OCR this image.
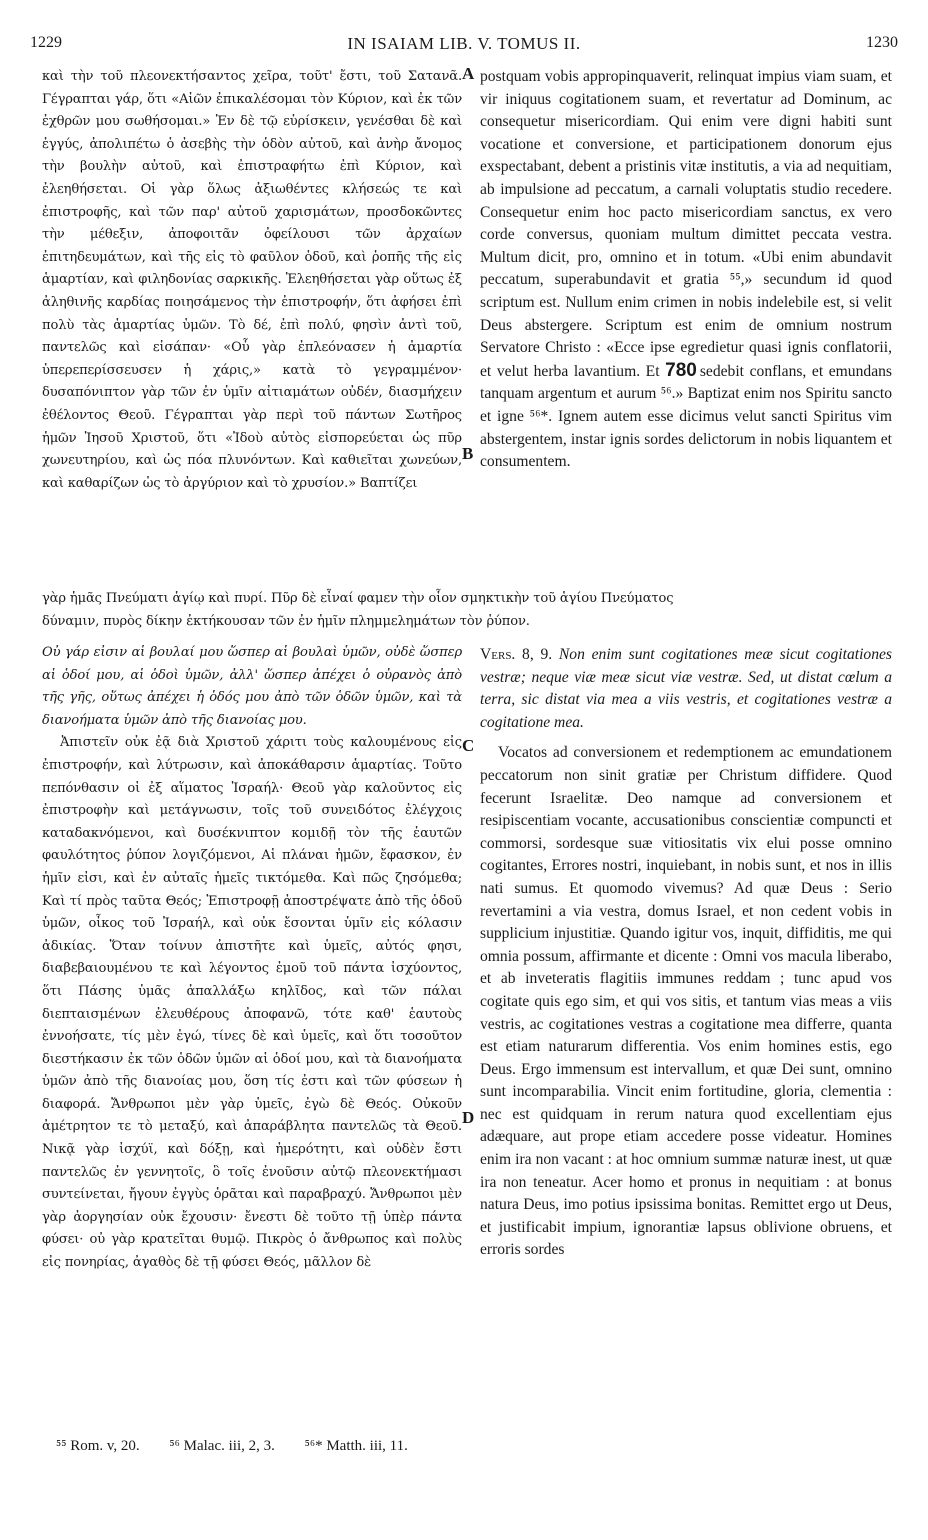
1229	IN ISAIAM LIB. V. TOMUS II.	1230

καὶ τὴν τοῦ πλεονεκτήσαντος χεῖρα, τοῦτ' ἔστι, τοῦ Σατανᾶ. Γέγραπται γάρ, ὅτι «Αἰῶν ἐπικαλέσομαι τὸν Κύριον, καὶ ἐκ τῶν ἐχθρῶν μου σωθήσομαι.» Ἐν δὲ τῷ εὑρίσκειν, γενέσθαι δὲ καὶ ἐγγύς, ἀπολιπέτω ὁ ἀσεβὴς τὴν ὁδὸν αὐτοῦ, καὶ ἀνὴρ ἄνομος τὴν βουλὴν αὐτοῦ, καὶ ἐπιστραφήτω ἐπὶ Κύριον, καὶ ἐλεηθήσεται. Οἱ γὰρ ὅλως ἀξιωθέντες κλήσεώς τε καὶ ἐπιστροφῆς, καὶ τῶν παρ' αὐτοῦ χαρισμάτων, προσδοκῶντες τὴν μέθεξιν, ἀποφοιτᾶν ὀφείλουσι τῶν ἀρχαίων ἐπιτηδευμάτων, καὶ τῆς εἰς τὸ φαῦλον ὁδοῦ, καὶ ῥοπῆς τῆς εἰς ἁμαρτίαν, καὶ φιληδονίας σαρκικῆς. Ἐλεηθήσεται γὰρ οὕτως ἐξ ἀληθινῆς καρδίας ποιησάμενος τὴν ἐπιστροφήν, ὅτι ἀφήσει ἐπὶ πολὺ τὰς ἁμαρτίας ὑμῶν. Τὸ δέ, ἐπὶ πολύ, φησὶν ἀντὶ τοῦ, παντελῶς καὶ εἰσάπαν· «Οὗ γὰρ ἐπλεόνασεν ἡ ἁμαρτία ὑπερεπερίσσευσεν ἡ χάρις,» κατὰ τὸ γεγραμμένον· δυσαπόνιπτον γὰρ τῶν ἐν ὑμῖν αἰτιαμάτων οὐδέν, διασμήχειν ἐθέλοντος Θεοῦ. Γέγραπται γὰρ περὶ τοῦ πάντων Σωτῆρος ἡμῶν Ἰησοῦ Χριστοῦ, ὅτι «Ἰδοὺ αὐτὸς εἰσπορεύεται ὡς πῦρ χωνευτηρίου, καὶ ὡς πόα πλυνόντων. Καὶ καθιεῖται χωνεύων, καὶ καθαρίζων ὡς τὸ ἀργύριον καὶ τὸ χρυσίον.» Βαπτίζει

γὰρ ἡμᾶς Πνεύματι ἁγίῳ καὶ πυρί. Πῦρ δὲ εἶναί φαμεν τὴν οἷον σμηκτικὴν τοῦ ἁγίου Πνεύματος
δύναμιν, πυρὸς δίκην ἐκτήκουσαν τῶν ἐν ἡμῖν πλημμελημάτων τὸν ῥύπον.

Οὐ γάρ εἰσιν αἱ βουλαί μου ὥσπερ αἱ βουλαὶ ὑμῶν, οὐδὲ ὥσπερ αἱ ὁδοί μου, αἱ ὁδοὶ ὑμῶν, ἀλλ' ὥσπερ ἀπέχει ὁ οὐρανὸς ἀπὸ τῆς γῆς, οὕτως ἀπέχει ἡ ὁδός μου ἀπὸ τῶν ὁδῶν ὑμῶν, καὶ τὰ διανοήματα ὑμῶν ἀπὸ τῆς διανοίας μου.

Ἀπιστεῖν οὐκ ἐᾷ διὰ Χριστοῦ χάριτι τοὺς καλουμένους εἰς ἐπιστροφήν, καὶ λύτρωσιν, καὶ ἀποκάθαρσιν ἁμαρτίας. Τοῦτο πεπόνθασιν οἱ ἐξ αἵματος Ἰσραήλ· Θεοῦ γὰρ καλοῦντος εἰς ἐπιστροφὴν καὶ μετάγνωσιν, τοῖς τοῦ συνειδότος ἐλέγχοις καταδακνόμενοι, καὶ δυσέκνιπτον κομιδῇ τὸν τῆς ἑαυτῶν φαυλότητος ῥύπον λογιζόμενοι, Αἱ πλάναι ἡμῶν, ἔφασκον, ἐν ἡμῖν εἰσι, καὶ ἐν αὐταῖς ἡμεῖς τικτόμεθα. Καὶ πῶς ζησόμεθα; Καὶ τί πρὸς ταῦτα Θεός; Ἐπιστροφῇ ἀποστρέψατε ἀπὸ τῆς ὁδοῦ ὑμῶν, οἶκος τοῦ Ἰσραήλ, καὶ οὐκ ἔσονται ὑμῖν εἰς κόλασιν ἀδικίας. Ὅταν τοίνυν ἀπιστῆτε καὶ ὑμεῖς, αὐτός φησι, διαβεβαιουμένου τε καὶ λέγοντος ἐμοῦ τοῦ πάντα ἰσχύοντος, ὅτι Πάσης ὑμᾶς ἀπαλλάξω κηλῖδος, καὶ τῶν πάλαι διεπταισμένων ἐλευθέρους ἀποφανῶ, τότε καθ' ἑαυτοὺς ἐννοήσατε, τίς μὲν ἐγώ, τίνες δὲ καὶ ὑμεῖς, καὶ ὅτι τοσοῦτον διεστήκασιν ἐκ τῶν ὁδῶν ὑμῶν αἱ ὁδοί μου, καὶ τὰ διανοήματα ὑμῶν ἀπὸ τῆς διανοίας μου, ὅση τίς ἐστι καὶ τῶν φύσεων ἡ διαφορά. Ἄνθρωποι μὲν γὰρ ὑμεῖς, ἐγὼ δὲ Θεός. Οὐκοῦν ἀμέτρητον τε τὸ μεταξύ, καὶ ἀπαράβλητα παντελῶς τὰ Θεοῦ. Νικᾷ γὰρ ἰσχύϊ, καὶ δόξῃ, καὶ ἡμερότητι, καὶ οὐδὲν ἔστι παντελῶς ἐν γεννητοῖς, ὃ τοῖς ἐνοῦσιν αὐτῷ πλεονεκτήμασι συντείνεται, ἤγουν ἐγγὺς ὁρᾶται καὶ παραβραχύ. Ἄνθρωποι μὲν γὰρ ἀοργησίαν οὐκ ἔχουσιν· ἔνεστι δὲ τοῦτο τῇ ὑπὲρ πάντα φύσει· οὐ γὰρ κρατεῖται θυμῷ. Πικρὸς ὁ ἄνθρωπος καὶ πολὺς εἰς πονηρίας, ἀγαθὸς δὲ τῇ φύσει Θεός, μᾶλλον δὲ

postquam vobis appropinquaverit, relinquat impius viam suam, et vir iniquus cogitationem suam, et revertatur ad Dominum, ac consequetur misericordiam. Qui enim vere digni habiti sunt vocatione et conversione, et participationem donorum ejus exspectabant, debent a pristinis vitæ institutis, a via ad nequitiam, ab impulsione ad peccatum, a carnali voluptatis studio recedere. Consequetur enim hoc pacto misericordiam sanctus, ex vero corde conversus, quoniam multum dimittet peccata vestra. Multum dicit, pro, omnino et in totum. «Ubi enim abundavit peccatum, superabundavit et gratia ⁵⁵,» secundum id quod scriptum est. Nullum enim crimen in nobis indelebile est, si velit Deus abstergere. Scriptum est enim de omnium nostrum Servatore Christo : «Ecce ipse egredietur quasi ignis conflatorii, et velut herba lavantium. Et 780 sedebit conflans, et emundans tanquam argentum et aurum ⁵⁶.» Baptizat enim nos Spiritu sancto et igne ⁵⁶*. Ignem autem esse dicimus velut sancti Spiritus vim abstergentem, instar ignis sordes delictorum in nobis liquantem et consumentem.

Vers. 8, 9. Non enim sunt cogitationes meæ sicut cogitationes vestræ; neque viæ meæ sicut viæ vestræ. Sed, ut distat cœlum a terra, sic distat via mea a viis vestris, et cogitationes vestræ a cogitatione mea.

Vocatos ad conversionem et redemptionem ac emundationem peccatorum non sinit gratiæ per Christum diffidere. Quod fecerunt Israelitæ. Deo namque ad conversionem et resipiscentiam vocante, accusationibus conscientiæ compuncti et commorsi, sordesque suæ vitiositatis vix elui posse omnino cogitantes, Errores nostri, inquiebant, in nobis sunt, et nos in illis nati sumus. Et quomodo vivemus? Ad quæ Deus : Serio revertamini a via vestra, domus Israel, et non cedent vobis in supplicium injustitiæ. Quando igitur vos, inquit, diffiditis, me qui omnia possum, affirmante et dicente : Omni vos macula liberabo, et ab inveteratis flagitiis immunes reddam ; tunc apud vos cogitate quis ego sim, et qui vos sitis, et tantum vias meas a viis vestris, ac cogitationes vestras a cogitatione mea differre, quanta est etiam naturarum differentia. Vos enim homines estis, ego Deus. Ergo immensum est intervallum, et quæ Dei sunt, omnino sunt incomparabilia. Vincit enim fortitudine, gloria, clementia : nec est quidquam in rerum natura quod excellentiam ejus adæquare, aut prope etiam accedere posse videatur. Homines enim ira non vacant : at hoc omnium summæ naturæ inest, ut quæ ira non teneatur. Acer homo et pronus in nequitiam : at bonus natura Deus, imo potius ipsissima bonitas. Remittet ergo ut Deus, et justificabit impium, ignorantiæ lapsus oblivione obruens, et erroris sordes

A
B
C
D
⁵⁵ Rom. v, 20. ⁵⁶ Malac. iii, 2, 3. ⁵⁶* Matth. iii, 11.
